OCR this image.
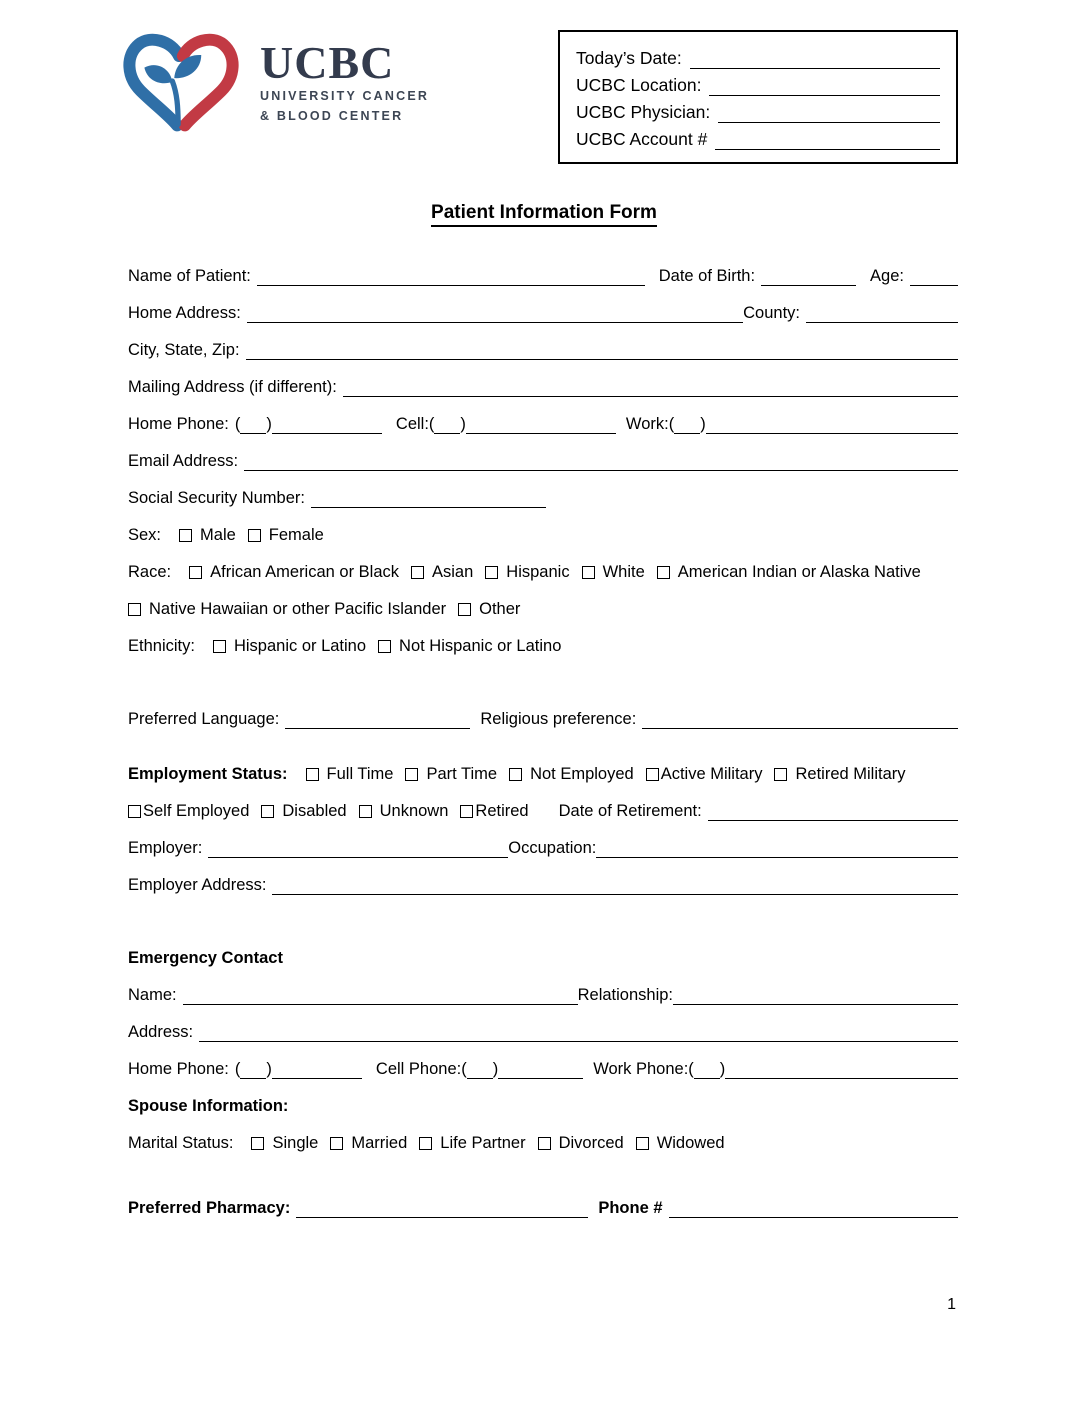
UCBC
UNIVERSITY CANCER
& BLOOD CENTER
Today’s Date:
UCBC Location:
UCBC Physician:
UCBC Account #
Patient Information Form
Name of Patient:	Date of Birth:	Age:
Home Address:	County:
City, State, Zip:
Mailing Address (if different):
Home Phone: ( )	Cell: ( )	Work: ( )
Email Address:
Social Security Number:
Sex: Male Female
Race: African American or Black Asian Hispanic White American Indian or Alaska Native
Native Hawaiian or other Pacific Islander Other
Ethnicity: Hispanic or Latino Not Hispanic or Latino
Preferred Language:	Religious preference:
Employment Status: Full Time Part Time Not Employed Active Military Retired Military
Self Employed Disabled Unknown Retired Date of Retirement:
Employer:	Occupation:
Employer Address:
Emergency Contact
Name:	Relationship:
Address:
Home Phone: ( )	Cell Phone: ( )	Work Phone: ( )
Spouse Information:
Marital Status: Single Married Life Partner Divorced Widowed
Preferred Pharmacy:	Phone #
1
